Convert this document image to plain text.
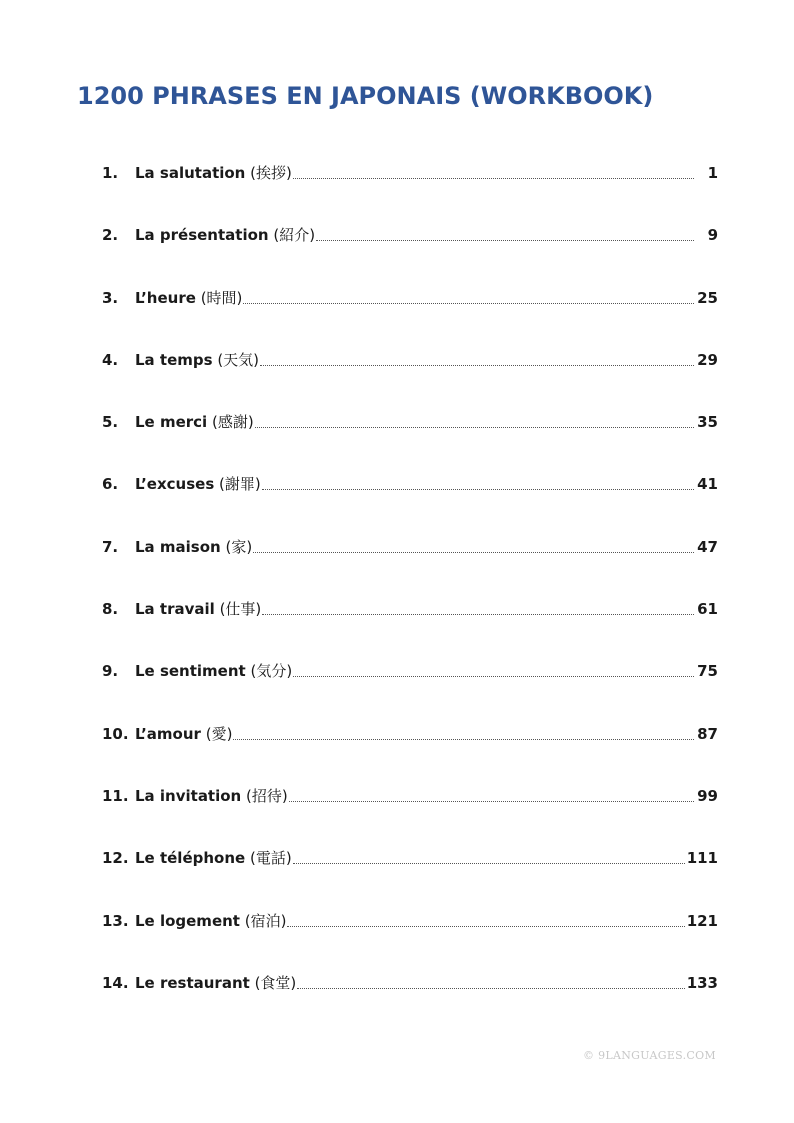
1200 PHRASES EN JAPONAIS (WORKBOOK)
1.	La salutation (挨拶)	1
2.	La présentation (紹介)	9
3.	L’heure (時間)	25
4.	La temps (天気)	29
5.	Le merci (感謝)	35
6.	L’excuses (謝罪)	41
7.	La maison (家)	47
8.	La travail (仕事)	61
9.	Le sentiment (気分)	75
10. L’amour (愛)	87
11. La invitation (招待)	99
12. Le téléphone (電話)	111
13. Le logement (宿泊)	121
14. Le restaurant (食堂)	133

© 9LANGUAGES.COM
